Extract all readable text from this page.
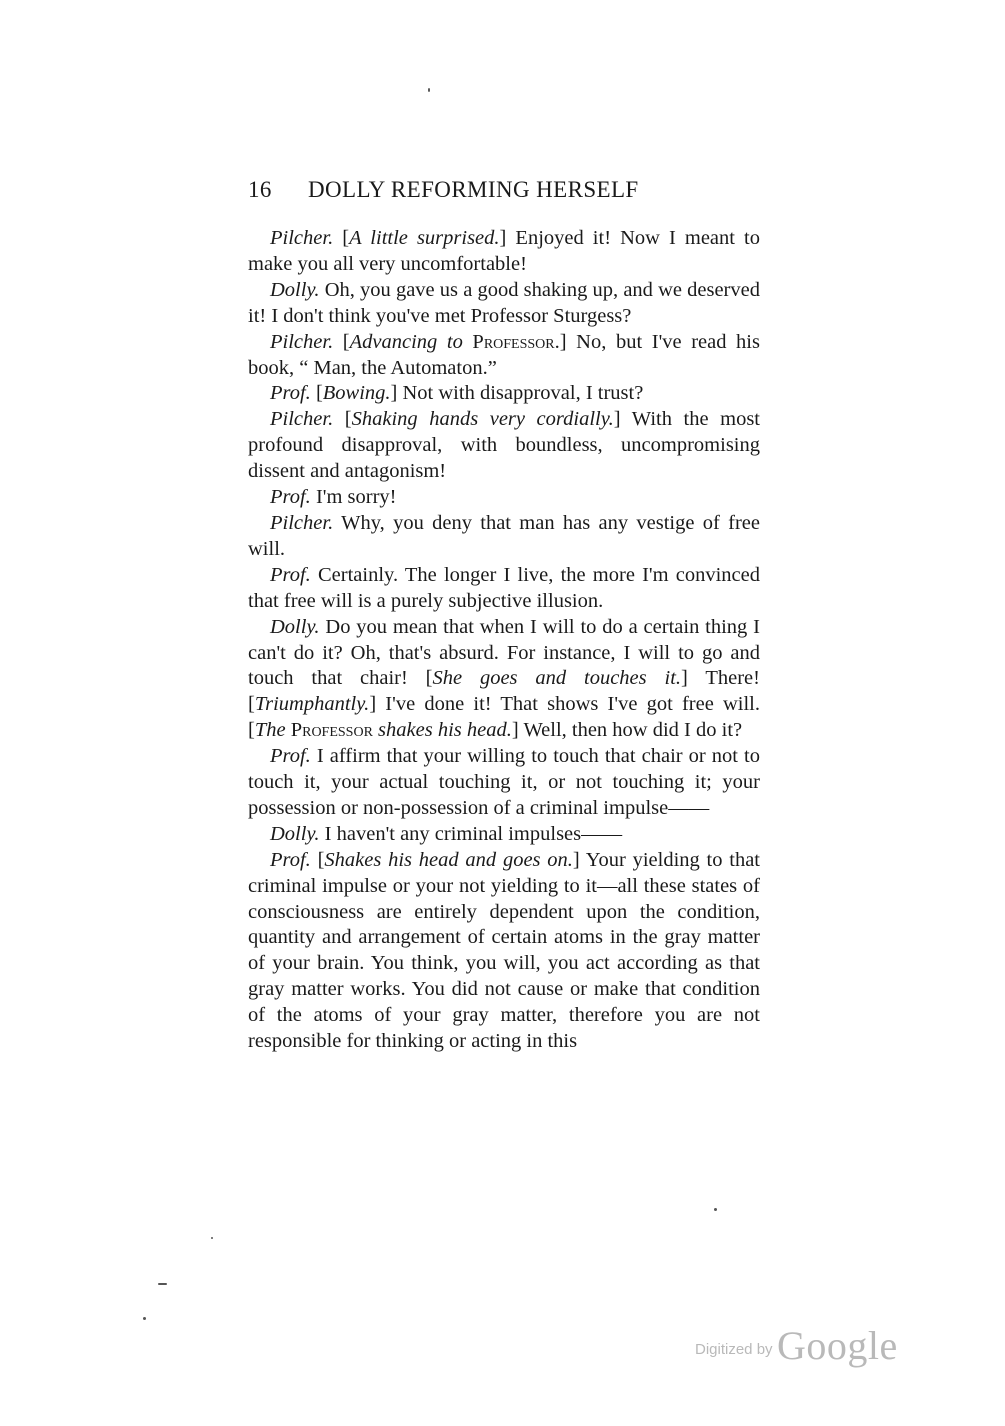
16 DOLLY REFORMING HERSELF

Pilcher. [A little surprised.] Enjoyed it! Now I meant to make you all very uncomfortable!

Dolly. Oh, you gave us a good shaking up, and we deserved it! I don't think you've met Professor Sturgess?

Pilcher. [Advancing to Professor.] No, but I've read his book, “ Man, the Automaton.”

Prof. [Bowing.] Not with disapproval, I trust?

Pilcher. [Shaking hands very cordially.] With the most profound disapproval, with boundless, uncompromising dissent and antagonism!

Prof. I'm sorry!

Pilcher. Why, you deny that man has any vestige of free will.

Prof. Certainly. The longer I live, the more I'm convinced that free will is a purely subjective illusion.

Dolly. Do you mean that when I will to do a certain thing I can't do it? Oh, that's absurd. For instance, I will to go and touch that chair! [She goes and touches it.] There! [Triumphantly.] I've done it! That shows I've got free will. [The Professor shakes his head.] Well, then how did I do it?

Prof. I affirm that your willing to touch that chair or not to touch it, your actual touching it, or not touching it; your possession or non-possession of a criminal impulse——

Dolly. I haven't any criminal impulses——

Prof. [Shakes his head and goes on.] Your yielding to that criminal impulse or your not yielding to it—all these states of consciousness are entirely dependent upon the condition, quantity and arrangement of certain atoms in the gray matter of your brain. You think, you will, you act according as that gray matter works. You did not cause or make that condition of the atoms of your gray matter, therefore you are not responsible for thinking or acting in this

Digitized by Google
